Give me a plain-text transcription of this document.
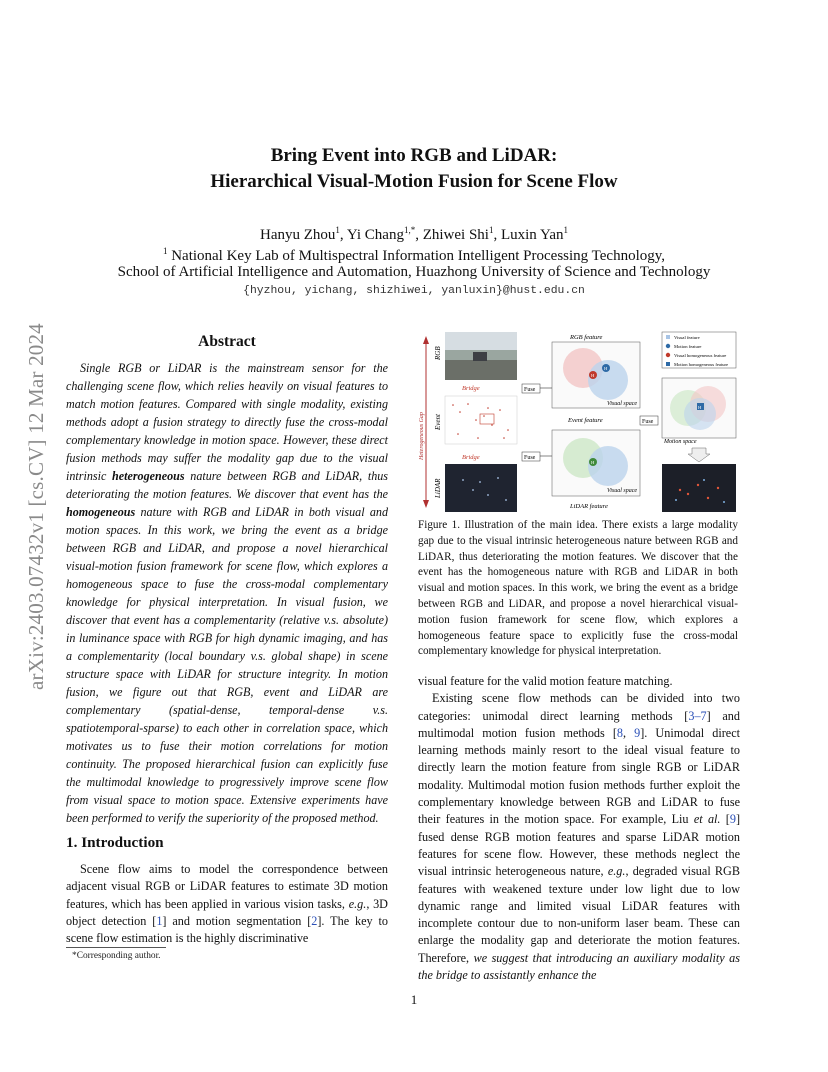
arXiv:2403.07432v1 [cs.CV] 12 Mar 2024
Bring Event into RGB and LiDAR:
Hierarchical Visual-Motion Fusion for Scene Flow
Hanyu Zhou$^1$, Yi Chang$^{1,*}$, Zhiwei Shi$^1$, Luxin Yan$^1$
$^1$ National Key Lab of Multispectral Information Intelligent Processing Technology,
School of Artificial Intelligence and Automation, Huazhong University of Science and Technology
{hyzhou, yichang, shizhiwei, yanluxin}@hust.edu.cn
Abstract

Single RGB or LiDAR is the mainstream sensor for the challenging scene flow, which relies heavily on visual features to match motion features. Compared with single modality, existing methods adopt a fusion strategy to directly fuse the cross-modal complementary knowledge in motion space. However, these direct fusion methods may suffer the modality gap due to the visual intrinsic heterogeneous nature between RGB and LiDAR, thus deteriorating the motion features. We discover that event has the homogeneous nature with RGB and LiDAR in both visual and motion spaces. In this work, we bring the event as a bridge between RGB and LiDAR, and propose a novel hierarchical visual-motion fusion framework for scene flow, which explores a homogeneous space to fuse the cross-modal complementary knowledge for physical interpretation. In visual fusion, we discover that event has a complementarity (relative v.s. absolute) in luminance space with RGB for high dynamic imaging, and has a complementarity (local boundary v.s. global shape) in scene structure space with LiDAR for structure integrity. In motion fusion, we figure out that RGB, event and LiDAR are complementary (spatial-dense, temporal-dense v.s. spatiotemporal-sparse) to each other in correlation space, which motivates us to fuse their motion correlations for motion continuity. The proposed hierarchical fusion can explicitly fuse the multimodal knowledge to progressively improve scene flow from visual space to motion space. Extensive experiments have been performed to verify the superiority of the proposed method.

1. Introduction

Scene flow aims to model the correspondence between adjacent visual RGB or LiDAR features to estimate 3D motion features, which has been applied in various vision tasks, e.g., 3D object detection [1] and motion segmentation [2]. The key to scene flow estimation is the highly discriminative

*Corresponding author.
Heterogeneous Gap
RGB
Event
LiDAR
Bridge
Bridge
Fuse
Fuse
RGB feature
H
H
Visual space
Event feature
H
Visual space
LiDAR feature
Fuse
Visual feature
Motion feature
Visual homogeneous feature
Motion homogeneous feature
H
Motion space
Figure 1. Illustration of the main idea. There exists a large modality gap due to the visual intrinsic heterogeneous nature between RGB and LiDAR, thus deteriorating the motion features. We discover that the event has the homogeneous nature with RGB and LiDAR in both visual and motion spaces. In this work, we bring the event as a bridge between RGB and LiDAR, and propose a novel hierarchical visual-motion fusion framework for scene flow, which explores a homogeneous feature space to explicitly fuse the cross-modal complementary knowledge for physical interpretation.

visual feature for the valid motion feature matching.

Existing scene flow methods can be divided into two categories: unimodal direct learning methods [3–7] and multimodal motion fusion methods [8, 9]. Unimodal direct learning methods mainly resort to the ideal visual feature to directly learn the motion feature from single RGB or LiDAR modality. Multimodal motion fusion methods further exploit the complementary knowledge between RGB and LiDAR to fuse their features in the motion space. For example, Liu et al. [9] fused dense RGB motion features and sparse LiDAR motion features for scene flow. However, these methods neglect the visual intrinsic heterogeneous nature, e.g., degraded visual RGB features with weakened texture under low light due to low dynamic range and limited visual LiDAR features with incomplete contour due to non-uniform laser beam. These can enlarge the modality gap and deteriorate the motion features. Therefore, we suggest that introducing an auxiliary modality as the bridge to assistantly enhance the

1
